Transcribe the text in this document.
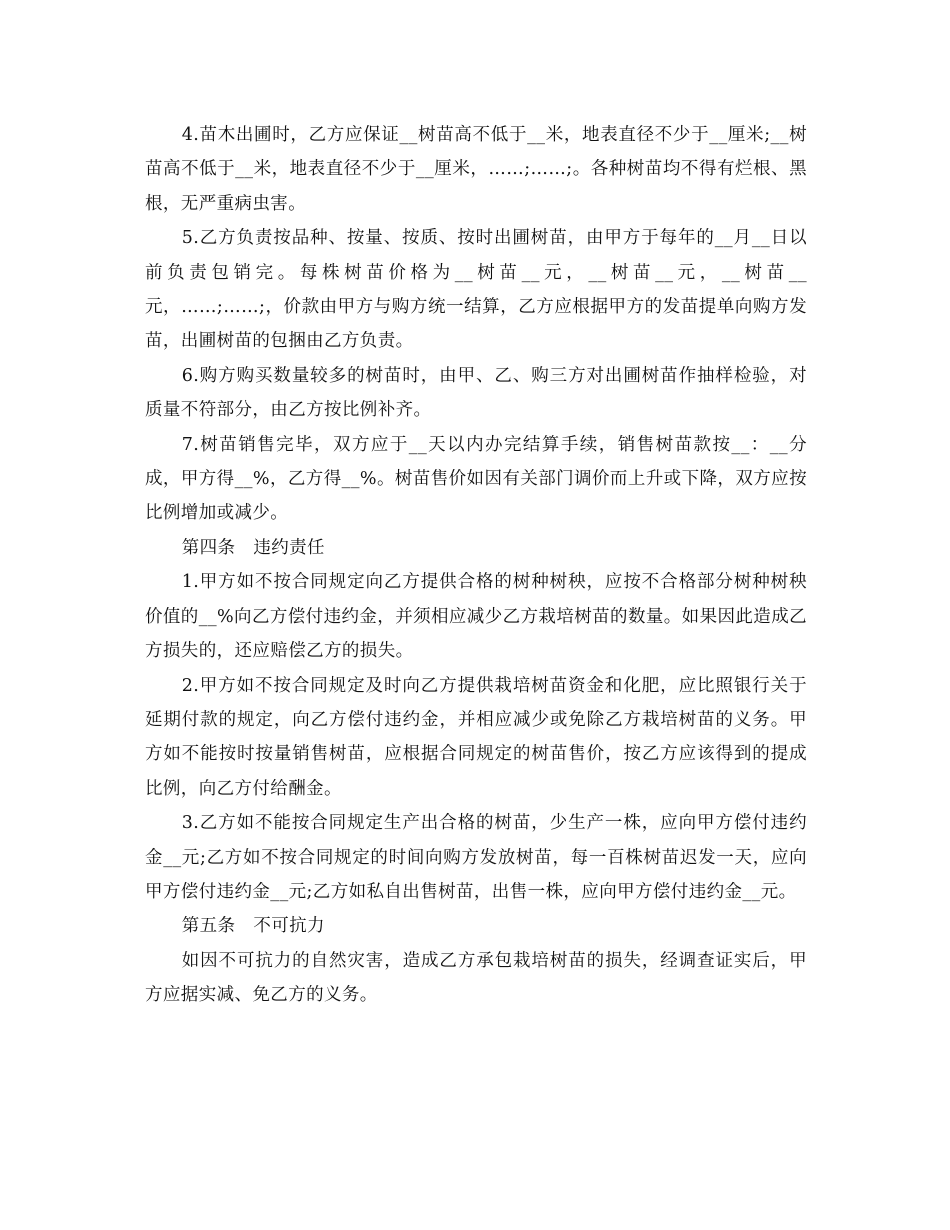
4.苗木出圃时，乙方应保证__树苗高不低于__米，地表直径不少于__厘米;__树苗高不低于__米，地表直径不少于__厘米，……;……;。各种树苗均不得有烂根、黑根，无严重病虫害。

5.乙方负责按品种、按量、按质、按时出圃树苗，由甲方于每年的__月__日以前负责包销完。每株树苗价格为__树苗__元，__树苗__元，__树苗__元，……;……;，价款由甲方与购方统一结算，乙方应根据甲方的发苗提单向购方发苗，出圃树苗的包捆由乙方负责。

6.购方购买数量较多的树苗时，由甲、乙、购三方对出圃树苗作抽样检验，对质量不符部分，由乙方按比例补齐。

7.树苗销售完毕，双方应于__天以内办完结算手续，销售树苗款按__：__分成，甲方得__%，乙方得__%。树苗售价如因有关部门调价而上升或下降，双方应按比例增加或减少。

第四条　违约责任

1.甲方如不按合同规定向乙方提供合格的树种树秧，应按不合格部分树种树秧价值的__%向乙方偿付违约金，并须相应减少乙方栽培树苗的数量。如果因此造成乙方损失的，还应赔偿乙方的损失。

2.甲方如不按合同规定及时向乙方提供栽培树苗资金和化肥，应比照银行关于延期付款的规定，向乙方偿付违约金，并相应减少或免除乙方栽培树苗的义务。甲方如不能按时按量销售树苗，应根据合同规定的树苗售价，按乙方应该得到的提成比例，向乙方付给酬金。

3.乙方如不能按合同规定生产出合格的树苗，少生产一株，应向甲方偿付违约金__元;乙方如不按合同规定的时间向购方发放树苗，每一百株树苗迟发一天，应向甲方偿付违约金__元;乙方如私自出售树苗，出售一株，应向甲方偿付违约金__元。

第五条　不可抗力

如因不可抗力的自然灾害，造成乙方承包栽培树苗的损失，经调查证实后，甲方应据实减、免乙方的义务。
